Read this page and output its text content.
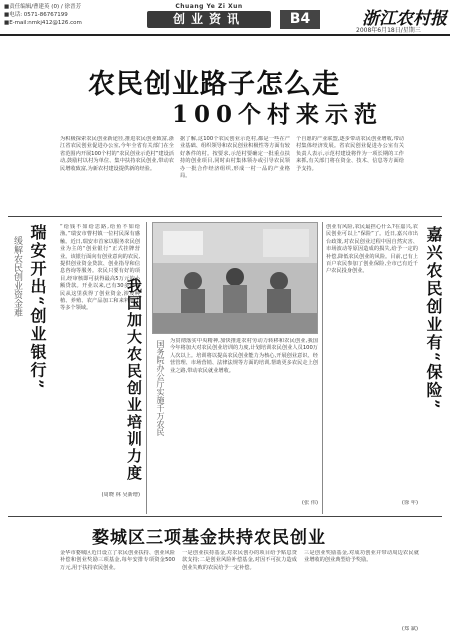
■责任编辑/曹建英 (0) / 徐晋芳
■电话: 0571-86767199
■E-mail:nmkj412@126.com
Chuang Ye Zi Xun
创业资讯	B4	浙江农村报
2008年6月18日/星期三
农民创业路子怎么走
100个村来示范
为积极探索农民创业新途径,推进农民创业致富,浙江省农民创业促进办公室,今年全省有关部门在全省范围内开展100个村的“农民创业示范村”建设活动,鼓励村以村为单位、集中扶持农民创业,带动农民增收致富,为新农村建设提供新的经验。
据了解,这100个农民创业示范村,都是一些在产业基础、组织领导和农民创业积极性等方面有较好条件的村。按要求,示范村要确定一批重点扶持的创业项目,同时由村集体领办或引导农民领办一批合作经济组织,形成一村一品的产业格局。
个自愿的产业联盟,逐步带动农民创业增收,带动村集体经济发展。省农民创业促进办公室有关负责人表示,示范村建设将作为一项长期的工作来抓,有关部门将在资金、技术、信息等方面给予支持。
瑞安开出“创业银行”
缓解农民创业资金难
“给钱不如给思路,给鱼不如给渔。”瑞安市曹村镇一位村民深有感触。近日,瑞安市首家以服务农民创业为主的“创业银行”正式挂牌营业。该银行面向有创业意向的农民,提供创业资金贷款、创业指导和信息咨询等服务。农民只要有好的项目,经审核即可获得最高5万元的小额贷款。开业以来,已有30多户农民从这里获得了创业资金,涉及种植、养殖、农产品加工和来料加工等多个领域。
(周晓 林 吴新增)
我国加大农民创业培训力度 国务院办公厅实施千万农民 为贯彻落实中央精神,加快推进农村劳动力转移和农民创业,我国今年将加大对农民创业培训的力度,计划培训农民创业人员100万人次以上。培训将以提高农民创业能力为核心,开展创业意识、经营管理、市场营销、法律法规等方面的培训,帮助更多农民走上创业之路,带动农民就业增收。
(张 伟)
创业有风险,农民最担心什么?在嘉兴,农民创业可以上“保险”了。近日,嘉兴市出台政策,对农民创业过程中因自然灾害、市场波动等原因造成的损失,给予一定的补偿,降低农民创业的风险。目前,已有上百户农民参加了创业保险,全市已有近千户农民投身创业。	嘉兴农民创业有“保险”
(徐 年)
婺城区三项基金扶持农民创业
金华市婺城区近日设立了农民创业扶持、创业风险补偿和创业奖励三项基金,每年安排专项资金500万元,用于扶持农民创业。
一是创业扶持基金,对农民创办的项目给予贴息贷款支持;二是创业风险补偿基金,对因不可抗力造成创业失败的农民给予一定补偿。
三是创业奖励基金,对成功创业并带动周边农民就业增收的创业典型给予奖励。
(郑 斌)
